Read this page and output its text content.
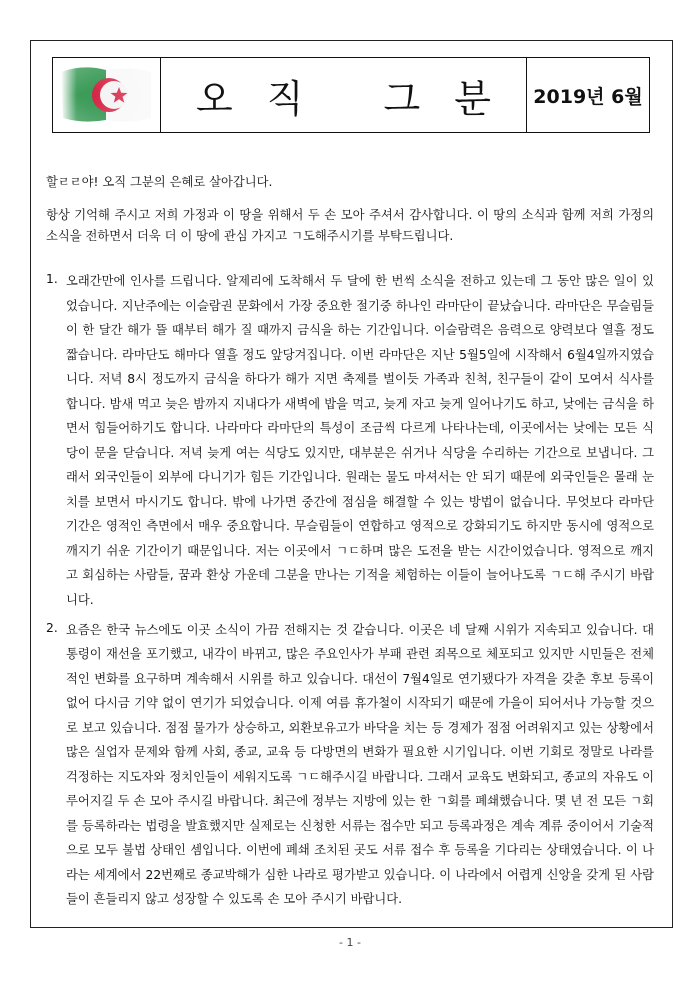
오직 그분 2019년 6월

할ㄹㄹ야! 오직 그분의 은혜로 살아갑니다.

항상 기억해 주시고 저희 가정과 이 땅을 위해서 두 손 모아 주셔서 감사합니다. 이 땅의 소식과 함께 저희 가정의 소식을 전하면서 더욱 더 이 땅에 관심 가지고 ㄱ도해주시기를 부탁드립니다.

1. 오래간만에 인사를 드립니다. 알제리에 도착해서 두 달에 한 번씩 소식을 전하고 있는데 그 동안 많은 일이 있었습니다. 지난주에는 이슬람권 문화에서 가장 중요한 절기중 하나인 라마단이 끝났습니다. 라마단은 무슬림들이 한 달간 해가 뜰 때부터 해가 질 때까지 금식을 하는 기간입니다. 이슬람력은 음력으로 양력보다 열흘 정도 짧습니다. 라마단도 해마다 열흘 정도 앞당겨집니다. 이번 라마단은 지난 5월5일에 시작해서 6월4일까지였습니다. 저녁 8시 정도까지 금식을 하다가 해가 지면 축제를 벌이듯 가족과 친척, 친구들이 같이 모여서 식사를 합니다. 밤새 먹고 늦은 밤까지 지내다가 새벽에 밥을 먹고, 늦게 자고 늦게 일어나기도 하고, 낮에는 금식을 하면서 힘들어하기도 합니다. 나라마다 라마단의 특성이 조금씩 다르게 나타나는데, 이곳에서는 낮에는 모든 식당이 문을 닫습니다. 저녁 늦게 여는 식당도 있지만, 대부분은 쉬거나 식당을 수리하는 기간으로 보냅니다. 그래서 외국인들이 외부에 다니기가 힘든 기간입니다. 원래는 물도 마셔서는 안 되기 때문에 외국인들은 몰래 눈치를 보면서 마시기도 합니다. 밖에 나가면 중간에 점심을 해결할 수 있는 방법이 없습니다. 무엇보다 라마단 기간은 영적인 측면에서 매우 중요합니다. 무슬림들이 연합하고 영적으로 강화되기도 하지만 동시에 영적으로 깨지기 쉬운 기간이기 때문입니다. 저는 이곳에서 ㄱㄷ하며 많은 도전을 받는 시간이었습니다. 영적으로 깨지고 회심하는 사람들, 꿈과 환상 가운데 그분을 만나는 기적을 체험하는 이들이 늘어나도록 ㄱㄷ해 주시기 바랍니다.
2. 요즘은 한국 뉴스에도 이곳 소식이 가끔 전해지는 것 같습니다. 이곳은 네 달째 시위가 지속되고 있습니다. 대통령이 재선을 포기했고, 내각이 바뀌고, 많은 주요인사가 부패 관련 죄목으로 체포되고 있지만 시민들은 전체적인 변화를 요구하며 계속해서 시위를 하고 있습니다. 대선이 7월4일로 연기됐다가 자격을 갖춘 후보 등록이 없어 다시금 기약 없이 연기가 되었습니다. 이제 여름 휴가철이 시작되기 때문에 가을이 되어서나 가능할 것으로 보고 있습니다. 점점 물가가 상승하고, 외환보유고가 바닥을 치는 등 경제가 점점 어려워지고 있는 상황에서 많은 실업자 문제와 함께 사회, 종교, 교육 등 다방면의 변화가 필요한 시기입니다. 이번 기회로 정말로 나라를 걱정하는 지도자와 정치인들이 세워지도록 ㄱㄷ해주시길 바랍니다. 그래서 교육도 변화되고, 종교의 자유도 이루어지길 두 손 모아 주시길 바랍니다. 최근에 정부는 지방에 있는 한 ㄱ회를 폐쇄했습니다. 몇 년 전 모든 ㄱ회를 등록하라는 법령을 발효했지만 실제로는 신청한 서류는 접수만 되고 등록과정은 계속 계류 중이어서 기술적으로 모두 불법 상태인 셈입니다. 이번에 폐쇄 조치된 곳도 서류 접수 후 등록을 기다리는 상태였습니다. 이 나라는 세계에서 22번째로 종교박해가 심한 나라로 평가받고 있습니다. 이 나라에서 어렵게 신앙을 갖게 된 사람들이 흔들리지 않고 성장할 수 있도록 손 모아 주시기 바랍니다.
- 1 -
